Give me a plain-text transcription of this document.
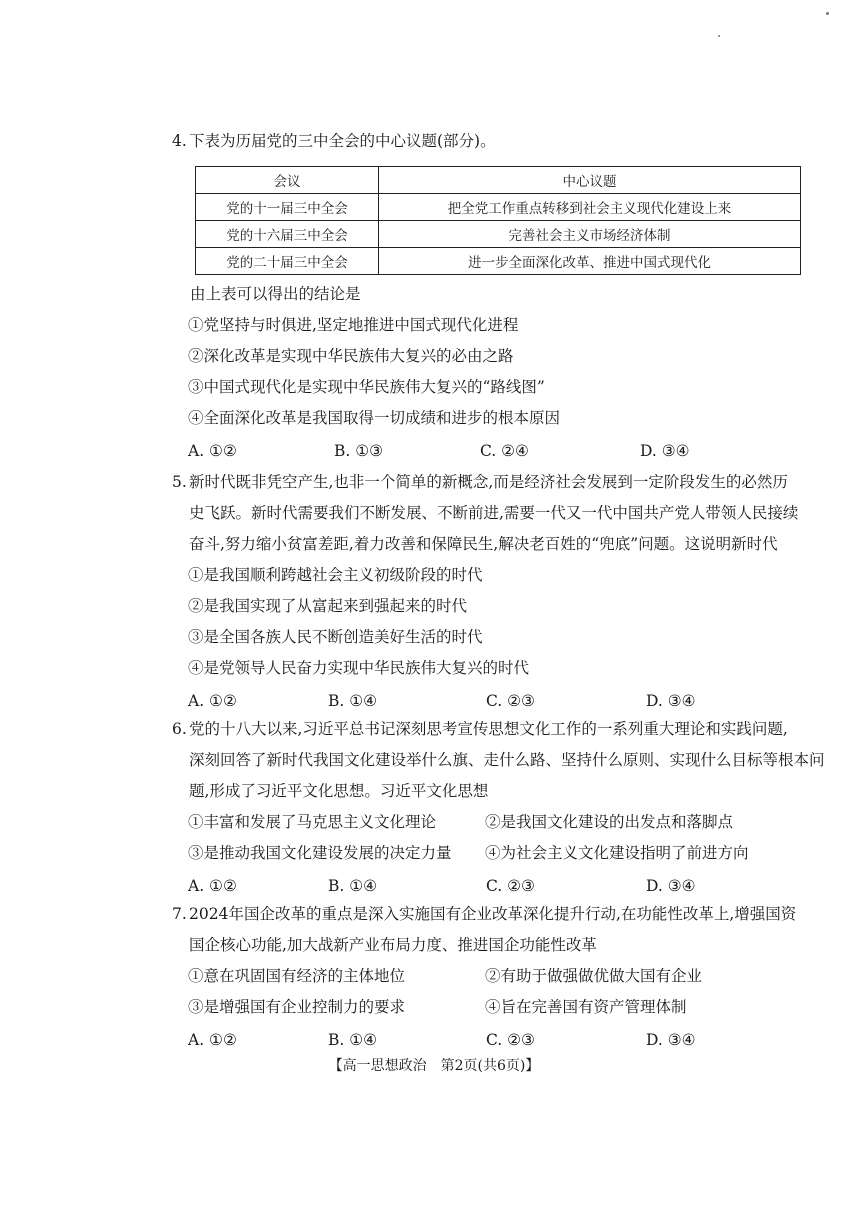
4. 下表为历届党的三中全会的中心议题(部分)。
会议	中心议题
党的十一届三中全会	把全党工作重点转移到社会主义现代化建设上来
党的十六届三中全会	完善社会主义市场经济体制
党的二十届三中全会	进一步全面深化改革、推进中国式现代化
由上表可以得出的结论是
①党坚持与时俱进,坚定地推进中国式现代化进程
②深化改革是实现中华民族伟大复兴的必由之路
③中国式现代化是实现中华民族伟大复兴的“路线图”
④全面深化改革是我国取得一切成绩和进步的根本原因
A. ①②	B. ①③	C. ②④	D. ③④
5. 新时代既非凭空产生,也非一个简单的新概念,而是经济社会发展到一定阶段发生的必然历
史飞跃。新时代需要我们不断发展、不断前进,需要一代又一代中国共产党人带领人民接续
奋斗,努力缩小贫富差距,着力改善和保障民生,解决老百姓的“兜底”问题。这说明新时代
①是我国顺利跨越社会主义初级阶段的时代
②是我国实现了从富起来到强起来的时代
③是全国各族人民不断创造美好生活的时代
④是党领导人民奋力实现中华民族伟大复兴的时代
A. ①②	B. ①④	C. ②③	D. ③④
6. 党的十八大以来,习近平总书记深刻思考宣传思想文化工作的一系列重大理论和实践问题,
深刻回答了新时代我国文化建设举什么旗、走什么路、坚持什么原则、实现什么目标等根本问
题,形成了习近平文化思想。习近平文化思想
①丰富和发展了马克思主义文化理论	②是我国文化建设的出发点和落脚点
③是推动我国文化建设发展的决定力量	④为社会主义文化建设指明了前进方向
A. ①②	B. ①④	C. ②③	D. ③④
7. 2024年国企改革的重点是深入实施国有企业改革深化提升行动,在功能性改革上,增强国资
国企核心功能,加大战新产业布局力度、推进国企功能性改革
①意在巩固国有经济的主体地位	②有助于做强做优做大国有企业
③是增强国有企业控制力的要求	④旨在完善国有资产管理体制
A. ①②	B. ①④	C. ②③	D. ③④
【高一思想政治　第2页(共6页)】
